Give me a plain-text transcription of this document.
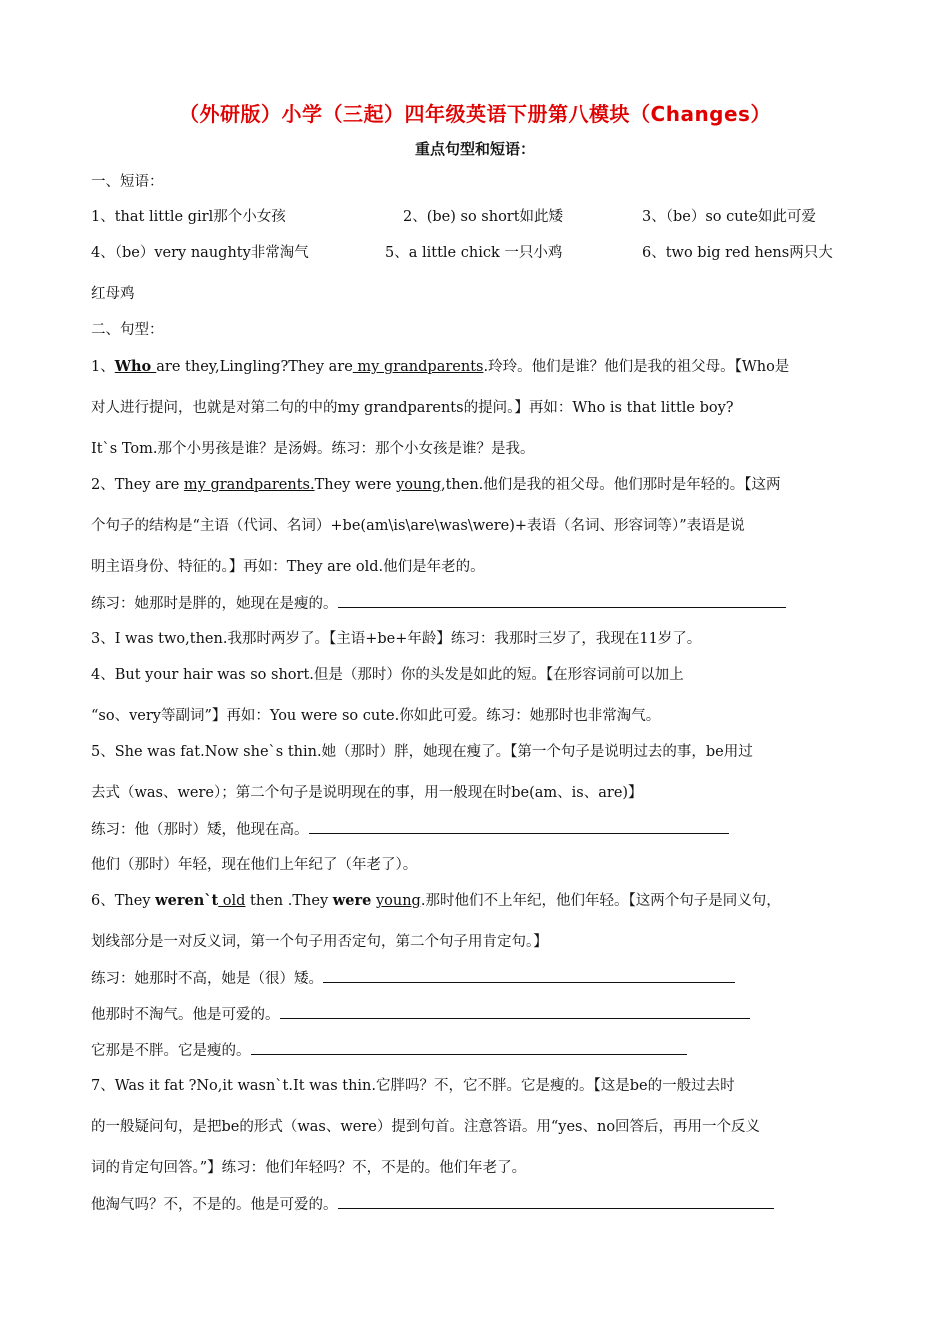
（外研版）小学（三起）四年级英语下册第八模块（Changes）
重点句型和短语：
一、短语：
1、that little girl那个小女孩	2、(be) so short如此矮	3、（be）so cute如此可爱
4、（be）very naughty非常淘气	5、a little chick 一只小鸡	6、two big red hens两只大
红母鸡
二、句型：
1、Who are they,Lingling?They are my grandparents.玲玲。他们是谁？他们是我的祖父母。【Who是
对人进行提问，也就是对第二句的中的my grandparents的提问。】再如：Who is that little boy?
It`s Tom.那个小男孩是谁？是汤姆。练习：那个小女孩是谁？是我。
2、They are my grandparents.They were young,then.他们是我的祖父母。他们那时是年轻的。【这两
个句子的结构是“主语（代词、名词）+be(am\is\are\was\were)+表语（名词、形容词等）”表语是说
明主语身份、特征的。】再如：They are old.他们是年老的。
练习：她那时是胖的，她现在是瘦的。
3、I was two,then.我那时两岁了。【主语+be+年龄】练习：我那时三岁了，我现在11岁了。
4、But your hair was so short.但是（那时）你的头发是如此的短。【在形容词前可以加上
“so、very等副词”】再如：You were so cute.你如此可爱。练习：她那时也非常淘气。
5、She was fat.Now she`s thin.她（那时）胖，她现在瘦了。【第一个句子是说明过去的事，be用过
去式（was、were）；第二个句子是说明现在的事，用一般现在时be(am、is、are)】
练习：他（那时）矮，他现在高。
他们（那时）年轻，现在他们上年纪了（年老了）。
6、They weren`t old then .They were young.那时他们不上年纪，他们年轻。【这两个句子是同义句，
划线部分是一对反义词，第一个句子用否定句，第二个句子用肯定句。】
练习：她那时不高，她是（很）矮。
他那时不淘气。他是可爱的。
它那是不胖。它是瘦的。
7、Was it fat ?No,it wasn`t.It was thin.它胖吗？不，它不胖。它是瘦的。【这是be的一般过去时
的一般疑问句，是把be的形式（was、were）提到句首。注意答语。用“yes、no回答后，再用一个反义
词的肯定句回答。”】练习：他们年轻吗？不，不是的。他们年老了。
他淘气吗？不，不是的。他是可爱的。
